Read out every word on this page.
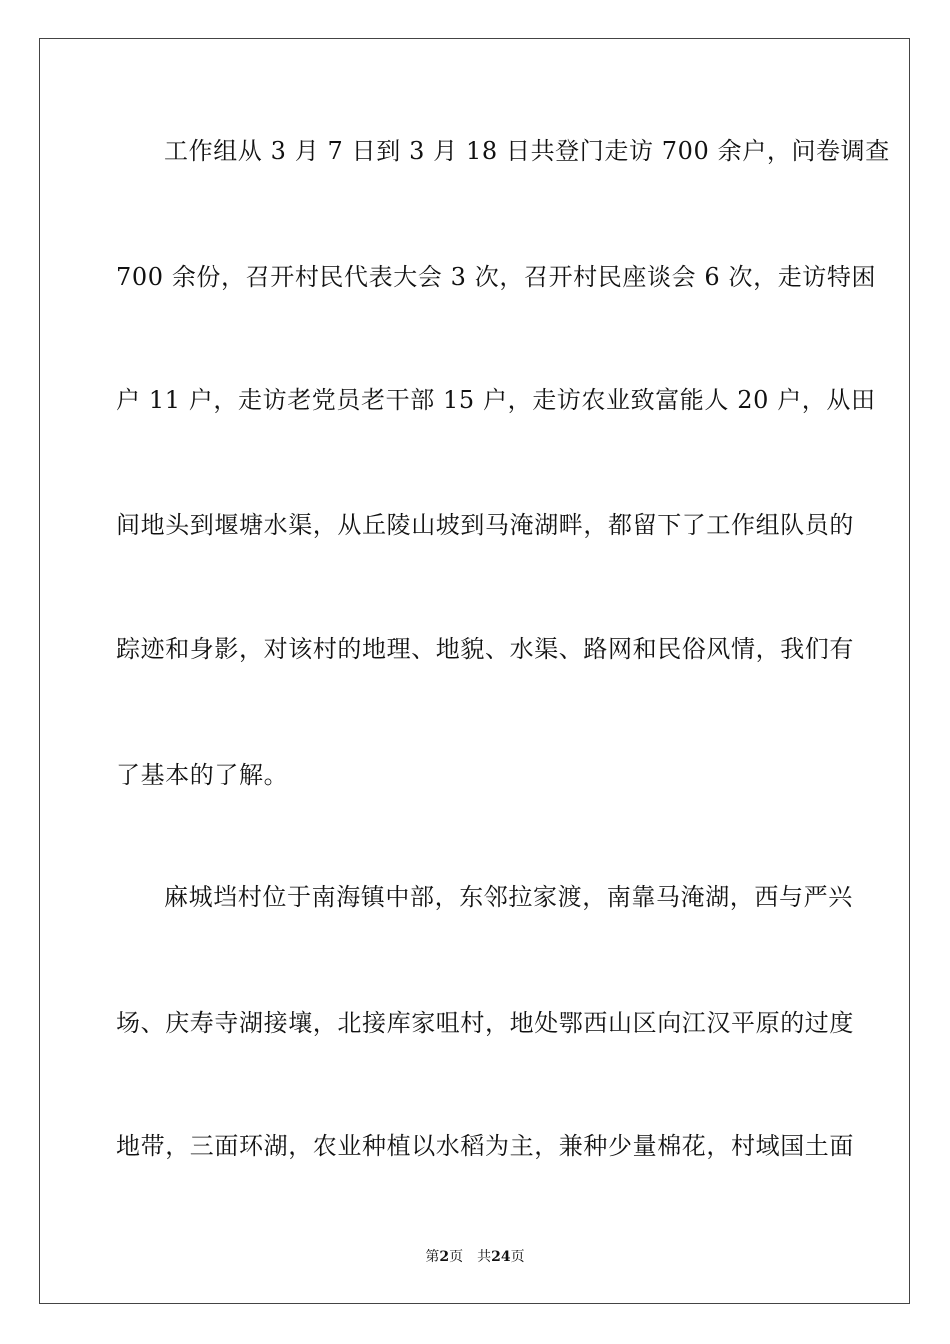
工作组从 3 月 7 日到 3 月 18 日共登门走访 700 余户，问卷调查
700 余份，召开村民代表大会 3 次，召开村民座谈会 6 次，走访特困
户 11 户，走访老党员老干部 15 户，走访农业致富能人 20 户，从田
间地头到堰塘水渠，从丘陵山坡到马淹湖畔，都留下了工作组队员的
踪迹和身影，对该村的地理、地貌、水渠、路网和民俗风情，我们有
了基本的了解。
麻城垱村位于南海镇中部，东邻拉家渡，南靠马淹湖，西与严兴
场、庆寿寺湖接壤，北接库家咀村，地处鄂西山区向江汉平原的过度
地带，三面环湖，农业种植以水稻为主，兼种少量棉花，村域国土面
第2页 共24页
